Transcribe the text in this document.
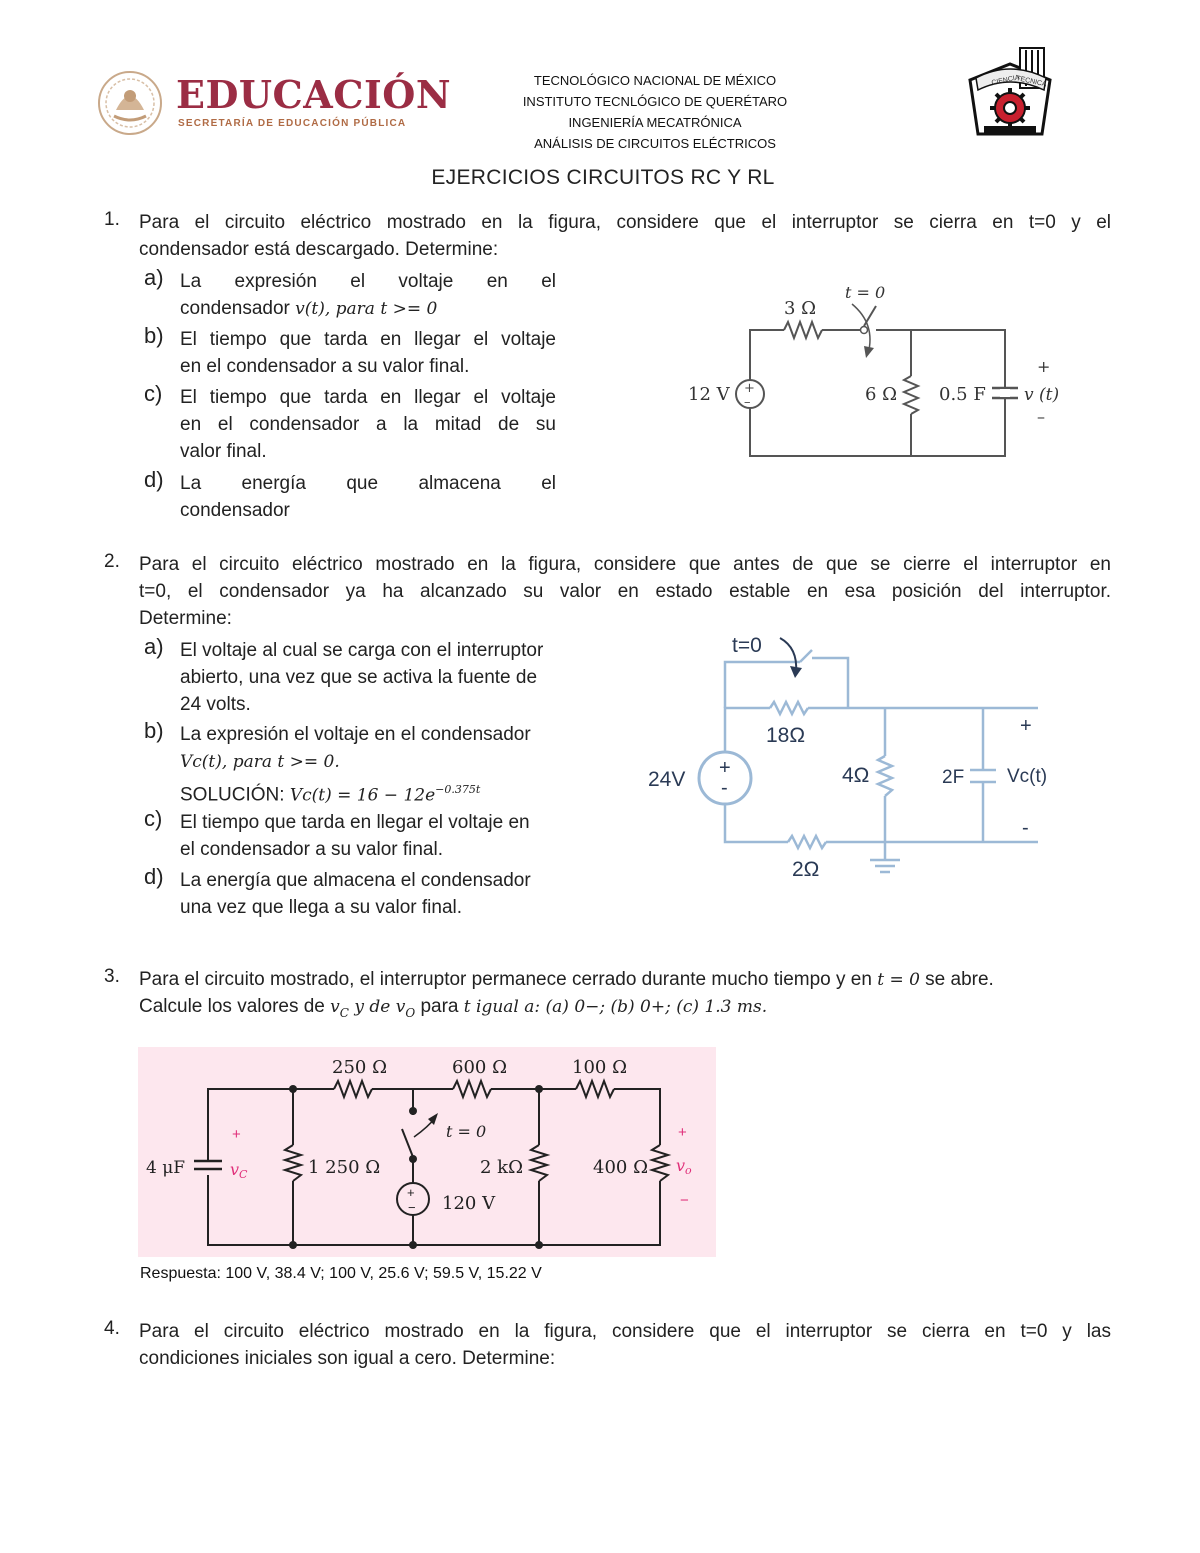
EDUCACIÓN
SECRETARÍA DE EDUCACIÓN PÚBLICA
TECNOLÓGICO NACIONAL DE MÉXICO
INSTITUTO TECNLÓGICO DE QUERÉTARO
INGENIERÍA MECATRÓNICA
ANÁLISIS DE CIRCUITOS ELÉCTRICOS
CIENCIA
TECNICA
EJERCICIOS CIRCUITOS RC Y RL
1. Para el circuito eléctrico mostrado en la figura, considere que el interruptor se cierra en t=0 y el
condensador está descargado. Determine:
a) La expresión el voltaje en el
condensador v(t), para t >= 0
b) El tiempo que tarda en llegar el voltaje
en el condensador a su valor final.
c) El tiempo que tarda en llegar el voltaje
en el condensador a la mitad de su
valor final.
d) La energía que almacena el
condensador
+
–
3 Ω
t = 0
12 V	6 Ω 0.5 F v (t)
+
–
2. Para el circuito eléctrico mostrado en la figura, considere que antes de que se cierre el interruptor en
t=0, el condensador ya ha alcanzado su valor en estado estable en esa posición del interruptor.
Determine:
a) El voltaje al cual se carga con el interruptor
abierto, una vez que se activa la fuente de
24 volts.
b) La expresión el voltaje en el condensador
Vc(t), para t >= 0.
SOLUCIÓN: $Vc(t) = 16 - 12e^{-0.375t}$
c) El tiempo que tarda en llegar el voltaje en
el condensador a su valor final.
d) La energía que almacena el condensador
una vez que llega a su valor final.
+
-
t=0
18Ω
24V	4Ω	2F Vc(t)
+
-
2Ω
3. Para el circuito mostrado, el interruptor permanece cerrado durante mucho tiempo y en t = 0 se abre.
Calcule los valores de $v_C$ y de $v_O$ para t igual a: (a) 0−; (b) 0+; (c) 1.3 ms.
+
−
250 Ω	600 Ω	100 Ω
4 μF
+
vC	1 250 Ω
t = 0
2 kΩ
120 V
400 Ω
+
vo
−
Respuesta: 100 V, 38.4 V; 100 V, 25.6 V; 59.5 V, 15.22 V
4. Para el circuito eléctrico mostrado en la figura, considere que el interruptor se cierra en t=0 y las
condiciones iniciales son igual a cero. Determine:
